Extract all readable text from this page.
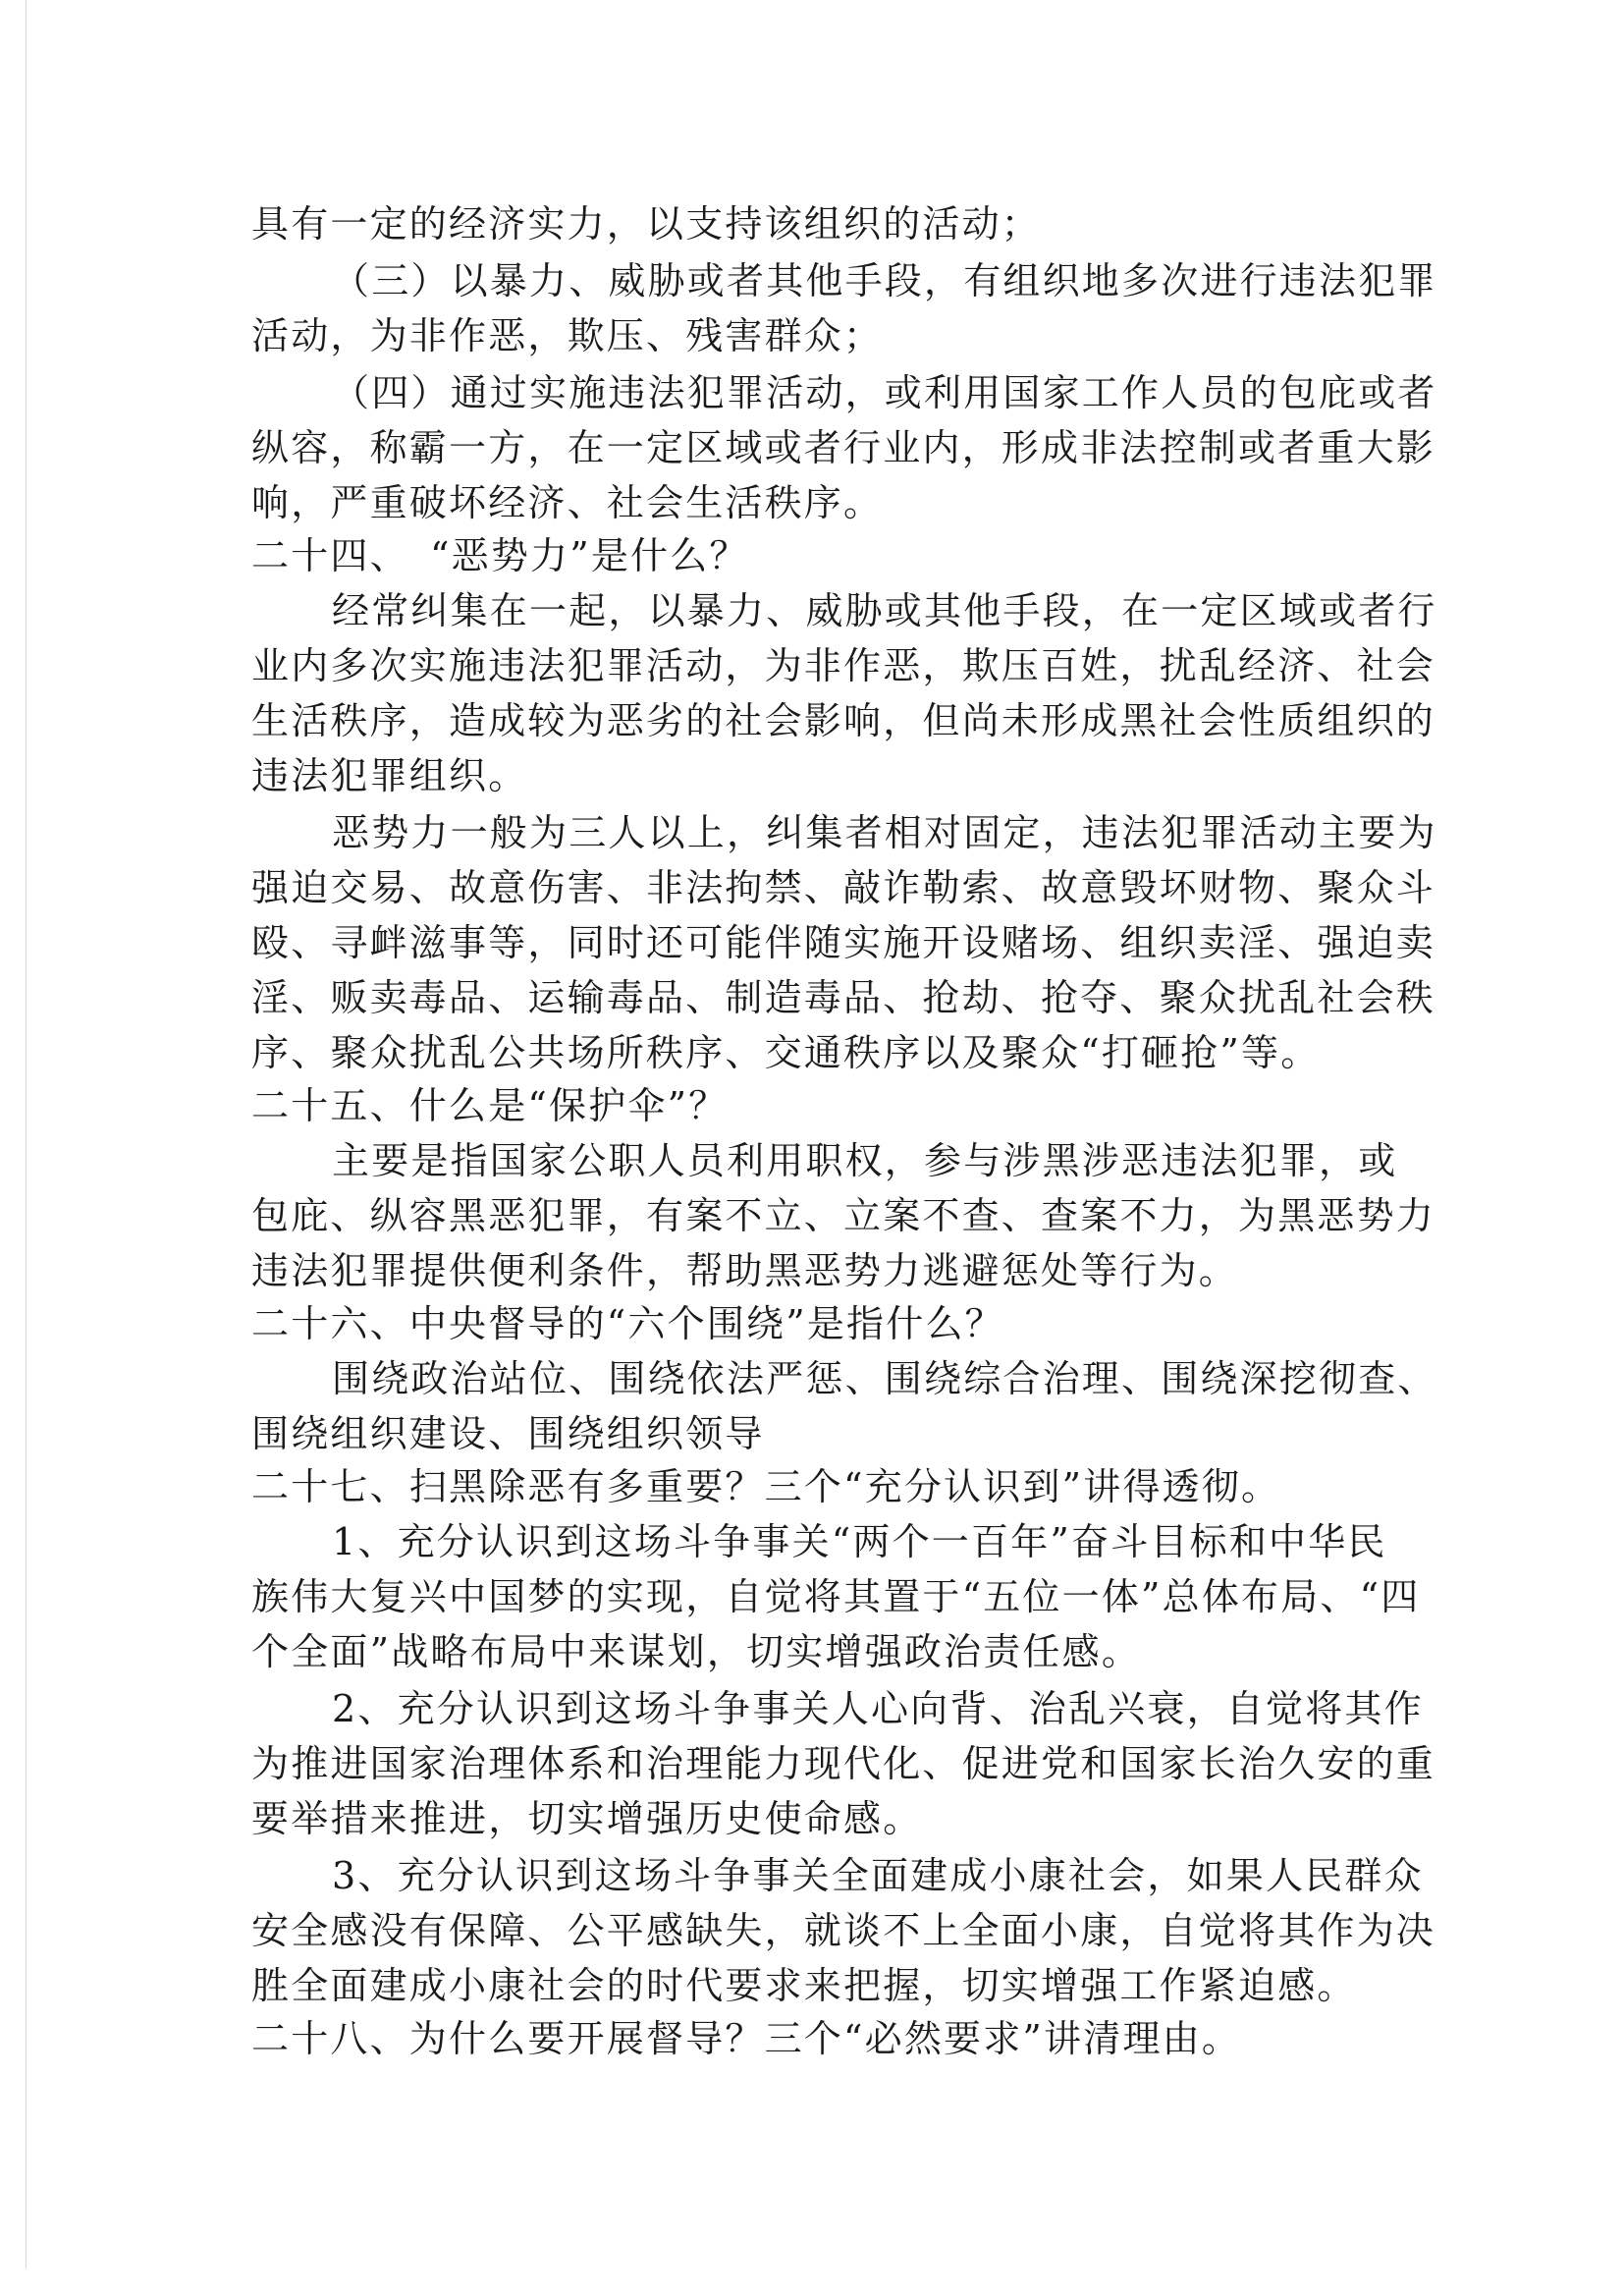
具有一定的经济实力，以支持该组织的活动；
（三）以暴力、威胁或者其他手段，有组织地多次进行违法犯罪
活动，为非作恶，欺压、残害群众；
（四）通过实施违法犯罪活动，或利用国家工作人员的包庇或者
纵容，称霸一方，在一定区域或者行业内，形成非法控制或者重大影
响，严重破坏经济、社会生活秩序。
二十四、　“恶势力”是什么？
经常纠集在一起，以暴力、威胁或其他手段，在一定区域或者行
业内多次实施违法犯罪活动，为非作恶，欺压百姓，扰乱经济、社会
生活秩序，造成较为恶劣的社会影响，但尚未形成黑社会性质组织的
违法犯罪组织。
恶势力一般为三人以上，纠集者相对固定，违法犯罪活动主要为
强迫交易、故意伤害、非法拘禁、敲诈勒索、故意毁坏财物、聚众斗
殴、寻衅滋事等，同时还可能伴随实施开设赌场、组织卖淫、强迫卖
淫、贩卖毒品、运输毒品、制造毒品、抢劫、抢夺、聚众扰乱社会秩
序、聚众扰乱公共场所秩序、交通秩序以及聚众“打砸抢”等。
二十五、什么是“保护伞”？
主要是指国家公职人员利用职权，参与涉黑涉恶违法犯罪，或
包庇、纵容黑恶犯罪，有案不立、立案不查、查案不力，为黑恶势力
违法犯罪提供便利条件，帮助黑恶势力逃避惩处等行为。
二十六、中央督导的“六个围绕”是指什么？
围绕政治站位、围绕依法严惩、围绕综合治理、围绕深挖彻查、
围绕组织建设、围绕组织领导
二十七、扫黑除恶有多重要？三个“充分认识到”讲得透彻。
1、充分认识到这场斗争事关“两个一百年”奋斗目标和中华民
族伟大复兴中国梦的实现，自觉将其置于“五位一体”总体布局、“四
个全面”战略布局中来谋划，切实增强政治责任感。
2、充分认识到这场斗争事关人心向背、治乱兴衰，自觉将其作
为推进国家治理体系和治理能力现代化、促进党和国家长治久安的重
要举措来推进，切实增强历史使命感。
3、充分认识到这场斗争事关全面建成小康社会，如果人民群众
安全感没有保障、公平感缺失，就谈不上全面小康，自觉将其作为决
胜全面建成小康社会的时代要求来把握，切实增强工作紧迫感。
二十八、为什么要开展督导？三个“必然要求”讲清理由。
